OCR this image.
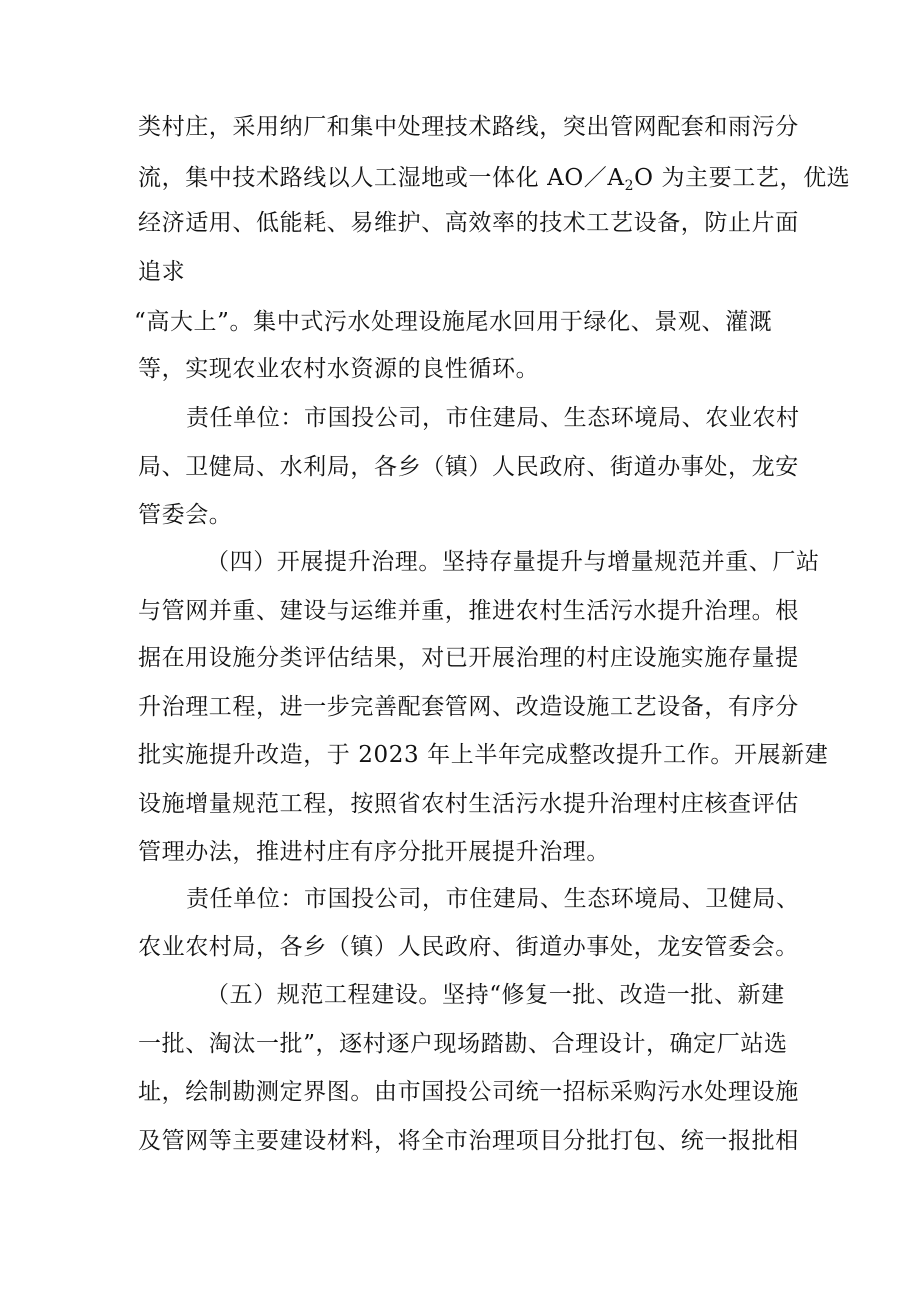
类村庄，采用纳厂和集中处理技术路线，突出管网配套和雨污分
流，集中技术路线以人工湿地或一体化 $AO/A_2O$ 为主要工艺，优选
经济适用、低能耗、易维护、高效率的技术工艺设备，防止片面
追求
“高大上”。集中式污水处理设施尾水回用于绿化、景观、灌溉
等，实现农业农村水资源的良性循环。
责任单位：市国投公司，市住建局、生态环境局、农业农村
局、卫健局、水利局，各乡（镇）人民政府、街道办事处，龙安
管委会。
（四）开展提升治理。坚持存量提升与增量规范并重、厂站
与管网并重、建设与运维并重，推进农村生活污水提升治理。根
据在用设施分类评估结果，对已开展治理的村庄设施实施存量提
升治理工程，进一步完善配套管网、改造设施工艺设备，有序分
批实施提升改造，于 2023 年上半年完成整改提升工作。开展新建
设施增量规范工程，按照省农村生活污水提升治理村庄核查评估
管理办法，推进村庄有序分批开展提升治理。
责任单位：市国投公司，市住建局、生态环境局、卫健局、
农业农村局，各乡（镇）人民政府、街道办事处，龙安管委会。
（五）规范工程建设。坚持“修复一批、改造一批、新建
一批、淘汰一批”，逐村逐户现场踏勘、合理设计，确定厂站选
址，绘制勘测定界图。由市国投公司统一招标采购污水处理设施
及管网等主要建设材料，将全市治理项目分批打包、统一报批相
